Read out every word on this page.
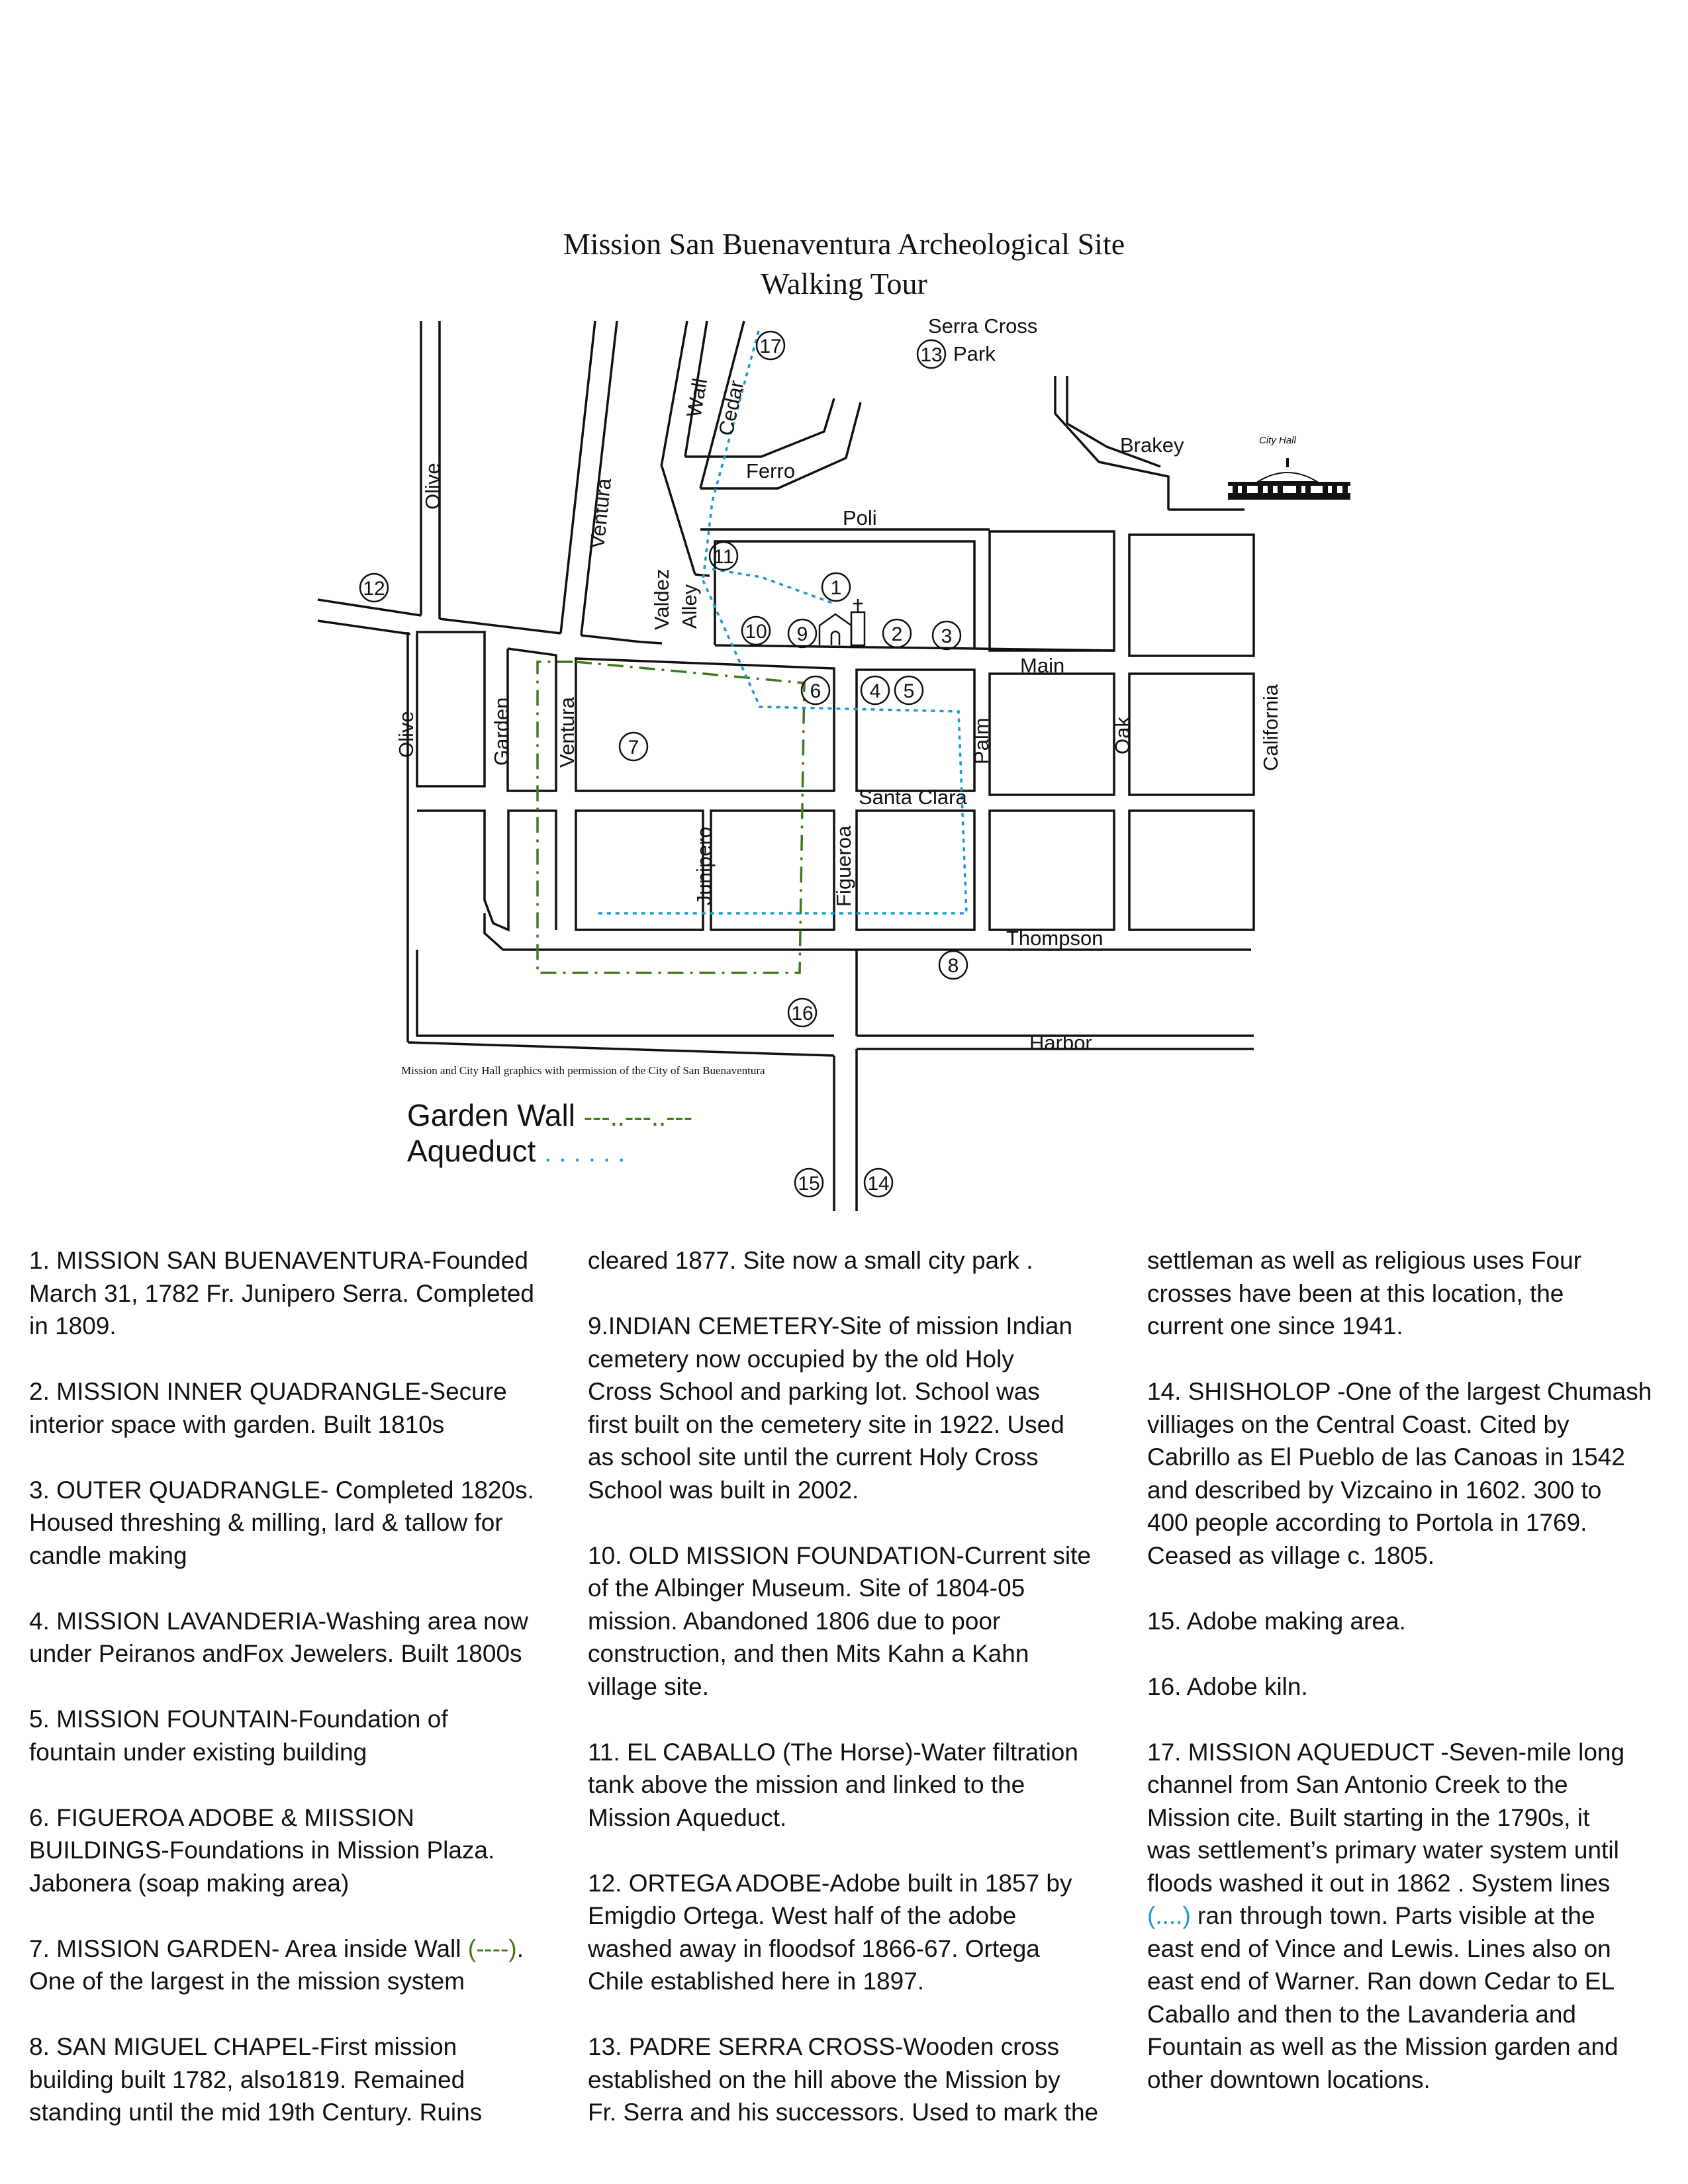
Mission San Buenaventura Archeological Site
Walking Tour
Olive	Ventura
Wall Cedar
Ferro
Poli
Valdez Alley
Serra Cross
Park
Brakey	City Hall
Main
Olive	Garden Ventura	Palm	Oak	California
Santa Clara
Junipero	Figueroa
Thompson
Harbor
1
2 3
4 5
6
7
8
9
10
11
12
13
14
15
16
17
Mission and City Hall graphics with permission of the City of San Buenaventura
Garden Wall ---..---..---
Aqueduct . . . . . .

1. MISSION SAN BUENAVENTURA-Founded
March 31, 1782 Fr. Junipero Serra. Completed
in 1809.

2. MISSION INNER QUADRANGLE-Secure
interior space with garden. Built 1810s

3. OUTER QUADRANGLE- Completed 1820s.
Housed threshing & milling, lard & tallow for
candle making

4. MISSION LAVANDERIA-Washing area now
under Peiranos andFox Jewelers. Built 1800s

5. MISSION FOUNTAIN-Foundation of
fountain under existing building

6. FIGUEROA ADOBE & MIISSION
BUILDINGS-Foundations in Mission Plaza.
Jabonera (soap making area)

7. MISSION GARDEN- Area inside Wall (----).
One of the largest in the mission system

8. SAN MIGUEL CHAPEL-First mission
building built 1782, also1819. Remained
standing until the mid 19th Century. Ruins

cleared 1877. Site now a small city park .

9.INDIAN CEMETERY-Site of mission Indian
cemetery now occupied by the old Holy
Cross School and parking lot. School was
first built on the cemetery site in 1922. Used
as school site until the current Holy Cross
School was built in 2002.

10. OLD MISSION FOUNDATION-Current site
of the Albinger Museum. Site of 1804-05
mission. Abandoned 1806 due to poor
construction, and then Mits Kahn a Kahn
village site.

11. EL CABALLO (The Horse)-Water filtration
tank above the mission and linked to the
Mission Aqueduct.

12. ORTEGA ADOBE-Adobe built in 1857 by
Emigdio Ortega. West half of the adobe
washed away in floodsof 1866-67. Ortega
Chile established here in 1897.

13. PADRE SERRA CROSS-Wooden cross
established on the hill above the Mission by
Fr. Serra and his successors. Used to mark the

settleman as well as religious uses Four
crosses have been at this location, the
current one since 1941.

14. SHISHOLOP -One of the largest Chumash
villiages on the Central Coast. Cited by
Cabrillo as El Pueblo de las Canoas in 1542
and described by Vizcaino in 1602. 300 to
400 people according to Portola in 1769.
Ceased as village c. 1805.

15. Adobe making area.

16. Adobe kiln.

17. MISSION AQUEDUCT -Seven-mile long
channel from San Antonio Creek to the
Mission cite. Built starting in the 1790s, it
was settlement’s primary water system until
floods washed it out in 1862 . System lines
(....) ran through town. Parts visible at the
east end of Vince and Lewis. Lines also on
east end of Warner. Ran down Cedar to EL
Caballo and then to the Lavanderia and
Fountain as well as the Mission garden and
other downtown locations.
